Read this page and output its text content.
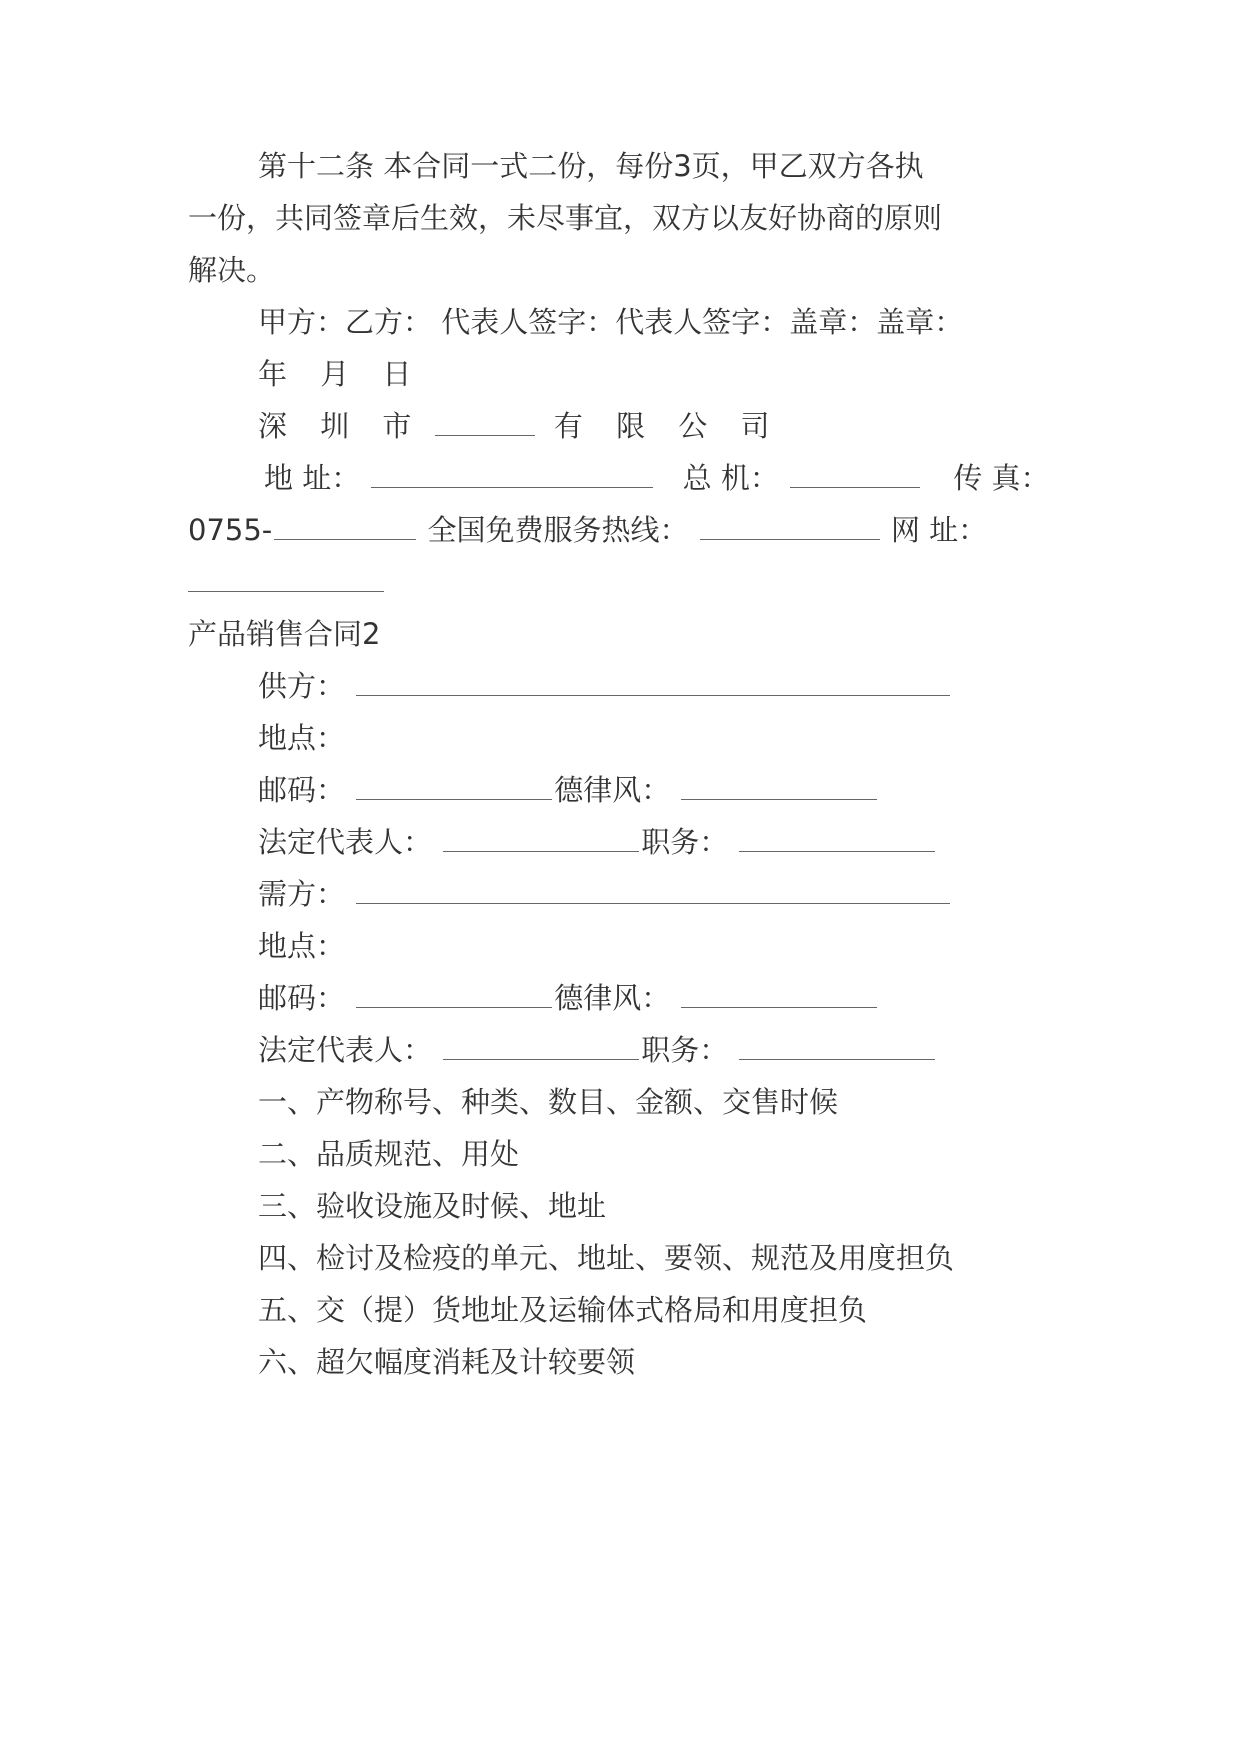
第十二条 本合同一式二份，每份3页，甲乙双方各执
一份，共同签章后生效，未尽事宜，双方以友好协商的原则
解决。
甲方：乙方： 代表人签字：代表人签字：盖章：盖章：
年 月 日
深 圳 市	有 限 公 司
地 址：	总 机：	传 真：
0755-	全国免费服务热线：	网 址：
产品销售合同2
供方：
地点：
邮码：	德律风：
法定代表人：	职务：
需方：
地点：
邮码：	德律风：
法定代表人：	职务：
一、产物称号、种类、数目、金额、交售时候
二、品质规范、用处
三、验收设施及时候、地址
四、检讨及检疫的单元、地址、要领、规范及用度担负
五、交（提）货地址及运输体式格局和用度担负
六、超欠幅度消耗及计较要领
